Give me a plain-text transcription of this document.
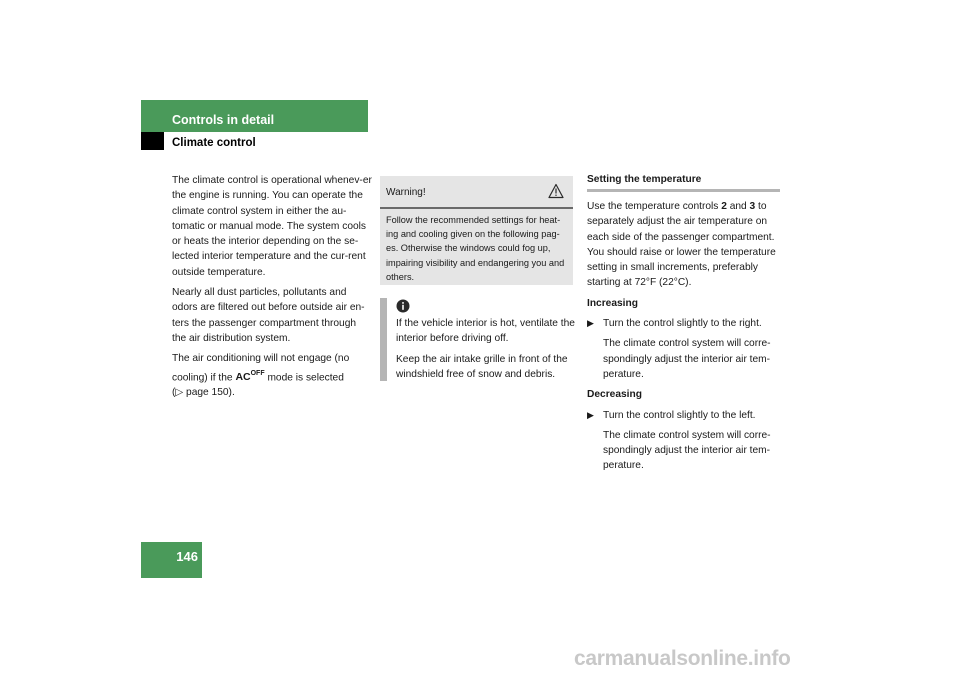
Controls in detail
Climate control

The climate control is operational whenev-er the engine is running. You can operate the climate control system in either the au-tomatic or manual mode. The system cools or heats the interior depending on the se-lected interior temperature and the cur-rent outside temperature.

Nearly all dust particles, pollutants and odors are filtered out before outside air en-ters the passenger compartment through the air distribution system.

The air conditioning will not engage (no cooling) if the $AC^{OFF}$ mode is selected
(▷ page 150).

Warning!
Follow the recommended settings for heat-ing and cooling given on the following pag-es. Otherwise the windows could fog up, impairing visibility and endangering you and others.

If the vehicle interior is hot, ventilate the interior before driving off.

Keep the air intake grille in front of the windshield free of snow and debris.

Setting the temperature

Use the temperature controls 2 and 3 to separately adjust the air temperature on each side of the passenger compartment. You should raise or lower the temperature setting in small increments, preferably starting at 72°F (22°C).

Increasing

▶ Turn the control slightly to the right.

The climate control system will corre-spondingly adjust the interior air tem-perature.

Decreasing

▶ Turn the control slightly to the left.

The climate control system will corre-spondingly adjust the interior air tem-perature.

146
carmanualsonline.info
